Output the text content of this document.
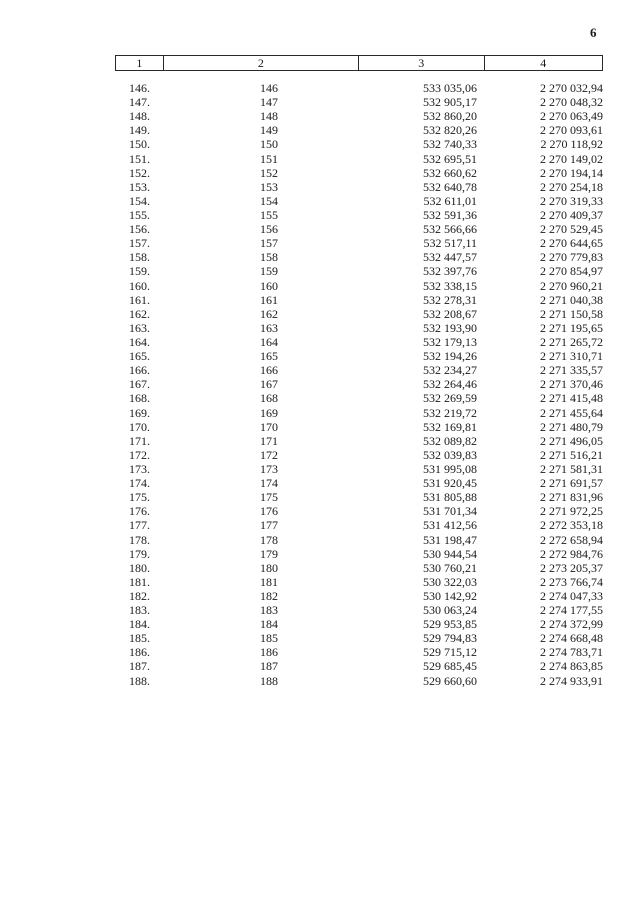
6
1	2	3	4
146.	146	533 035,06	2 270 032,94
147.	147	532 905,17	2 270 048,32
148.	148	532 860,20	2 270 063,49
149.	149	532 820,26	2 270 093,61
150.	150	532 740,33	2 270 118,92
151.	151	532 695,51	2 270 149,02
152.	152	532 660,62	2 270 194,14
153.	153	532 640,78	2 270 254,18
154.	154	532 611,01	2 270 319,33
155.	155	532 591,36	2 270 409,37
156.	156	532 566,66	2 270 529,45
157.	157	532 517,11	2 270 644,65
158.	158	532 447,57	2 270 779,83
159.	159	532 397,76	2 270 854,97
160.	160	532 338,15	2 270 960,21
161.	161	532 278,31	2 271 040,38
162.	162	532 208,67	2 271 150,58
163.	163	532 193,90	2 271 195,65
164.	164	532 179,13	2 271 265,72
165.	165	532 194,26	2 271 310,71
166.	166	532 234,27	2 271 335,57
167.	167	532 264,46	2 271 370,46
168.	168	532 269,59	2 271 415,48
169.	169	532 219,72	2 271 455,64
170.	170	532 169,81	2 271 480,79
171.	171	532 089,82	2 271 496,05
172.	172	532 039,83	2 271 516,21
173.	173	531 995,08	2 271 581,31
174.	174	531 920,45	2 271 691,57
175.	175	531 805,88	2 271 831,96
176.	176	531 701,34	2 271 972,25
177.	177	531 412,56	2 272 353,18
178.	178	531 198,47	2 272 658,94
179.	179	530 944,54	2 272 984,76
180.	180	530 760,21	2 273 205,37
181.	181	530 322,03	2 273 766,74
182.	182	530 142,92	2 274 047,33
183.	183	530 063,24	2 274 177,55
184.	184	529 953,85	2 274 372,99
185.	185	529 794,83	2 274 668,48
186.	186	529 715,12	2 274 783,71
187.	187	529 685,45	2 274 863,85
188.	188	529 660,60	2 274 933,91
